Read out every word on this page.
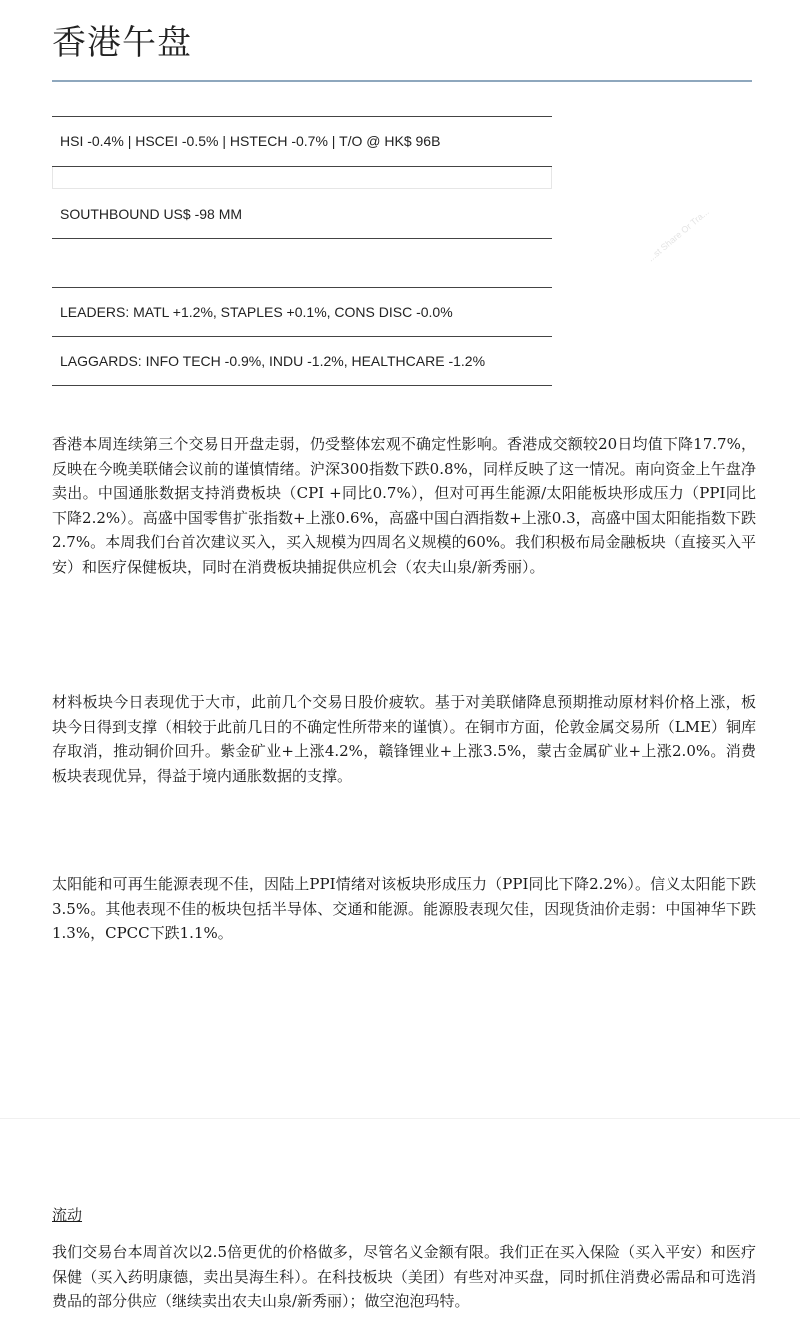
香港午盘
...st Share Or Tra...
HSI -0.4% | HSCEI -0.5% | HSTECH -0.7% | T/O @ HK$ 96B
SOUTHBOUND US$ -98 MM
LEADERS: MATL +1.2%, STAPLES +0.1%, CONS DISC -0.0%
LAGGARDS: INFO TECH -0.9%, INDU -1.2%, HEALTHCARE -1.2%

香港本周连续第三个交易日开盘走弱，仍受整体宏观不确定性影响。香港成交额较20日均值下降17.7%，反映在今晚美联储会议前的谨慎情绪。沪深300指数下跌0.8%，同样反映了这一情况。南向资金上午盘净卖出。中国通胀数据支持消费板块（CPI +同比0.7%），但对可再生能源/太阳能板块形成压力（PPI同比下降2.2%）。高盛中国零售扩张指数+上涨0.6%，高盛中国白酒指数+上涨0.3，高盛中国太阳能指数下跌2.7%。本周我们台首次建议买入，买入规模为四周名义规模的60%。我们积极布局金融板块（直接买入平安）和医疗保健板块，同时在消费板块捕捉供应机会（农夫山泉/新秀丽）。

材料板块今日表现优于大市，此前几个交易日股价疲软。基于对美联储降息预期推动原材料价格上涨，板块今日得到支撑（相较于此前几日的不确定性所带来的谨慎）。在铜市方面，伦敦金属交易所（LME）铜库存取消，推动铜价回升。紫金矿业+上涨4.2%，赣锋锂业+上涨3.5%，蒙古金属矿业+上涨2.0%。消费板块表现优异，得益于境内通胀数据的支撑。

太阳能和可再生能源表现不佳，因陆上PPI情绪对该板块形成压力（PPI同比下降2.2%）。信义太阳能下跌3.5%。其他表现不佳的板块包括半导体、交通和能源。能源股表现欠佳，因现货油价走弱：中国神华下跌1.3%，CPCC下跌1.1%。

流动

我们交易台本周首次以2.5倍更优的价格做多，尽管名义金额有限。我们正在买入保险（买入平安）和医疗保健（买入药明康德，卖出昊海生科）。在科技板块（美团）有些对冲买盘，同时抓住消费必需品和可选消费品的部分供应（继续卖出农夫山泉/新秀丽）；做空泡泡玛特。
